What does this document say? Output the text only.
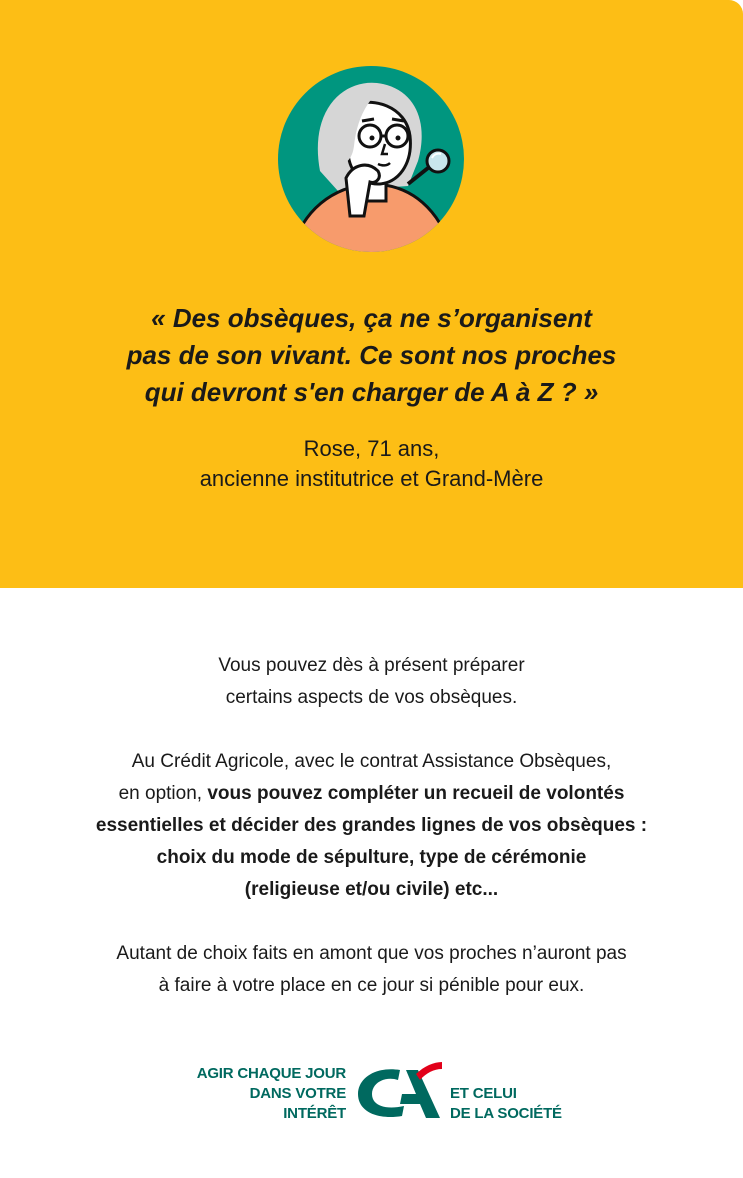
« Des obsèques, ça ne s’organisent
pas de son vivant. Ce sont nos proches
qui devront s'en charger de A à Z ? »

Rose, 71 ans,
ancienne institutrice et Grand-Mère

Vous pouvez dès à présent préparer
certains aspects de vos obsèques.

Au Crédit Agricole, avec le contrat Assistance Obsèques,
en option, vous pouvez compléter un recueil de volontés
essentielles et décider des grandes lignes de vos obsèques :
choix du mode de sépulture, type de cérémonie
(religieuse et/ou civile) etc...

Autant de choix faits en amont que vos proches n’auront pas
à faire à votre place en ce jour si pénible pour eux.

AGIR CHAQUE JOUR
DANS VOTRE INTÉRÊT
ET CELUI
DE LA SOCIÉTÉ
